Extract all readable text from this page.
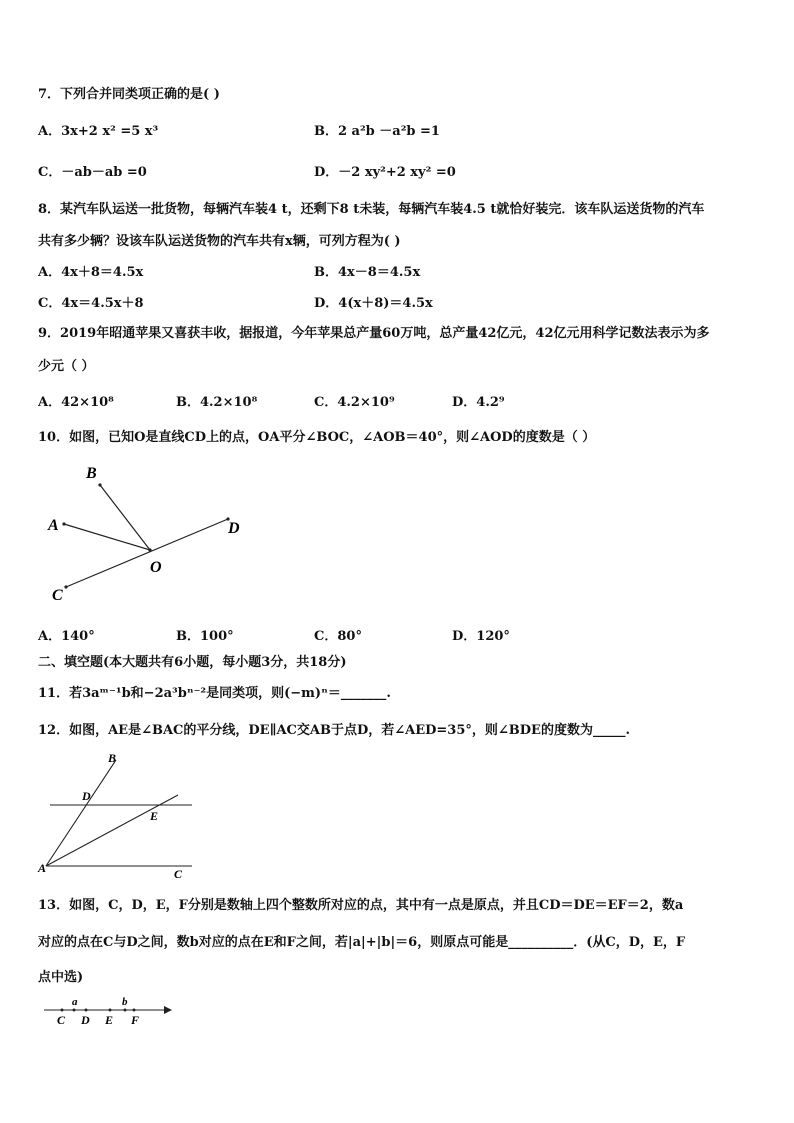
7．下列合并同类项正确的是( )
A．3x+2 x² =5 x³	B．2 a²b －a²b =1
C．－ab－ab =0	D．－2 xy²+2 xy² =0
8．某汽车队运送一批货物，每辆汽车装4 t，还剩下8 t未装，每辆汽车装4.5 t就恰好装完．该车队运送货物的汽车
共有多少辆？设该车队运送货物的汽车共有x辆，可列方程为( )
A．4x＋8＝4.5x	B．4x－8＝4.5x
C．4x＝4.5x＋8	D．4(x＋8)＝4.5x
9．2019年昭通苹果又喜获丰收，据报道，今年苹果总产量60万吨，总产量42亿元，42亿元用科学记数法表示为多
少元（ ）
A．42×10⁸	B．4.2×10⁸	C．4.2×10⁹	D．4.2⁹
10．如图，已知O是直线CD上的点，OA平分∠BOC，∠AOB＝40°，则∠AOD的度数是（ ）
B
A	D
O
C
A．140°	B．100°	C．80°	D．120°
二、填空题(本大题共有6小题，每小题3分，共18分)
11．若3aᵐ⁻¹b和−2a³bⁿ⁻²是同类项，则(−m)ⁿ＝_______.
12．如图，AE是∠BAC的平分线，DE∥AC交AB于点D，若∠AED=35°，则∠BDE的度数为_____.
B
D
E
A	C
13．如图，C，D，E，F分别是数轴上四个整数所对应的点，其中有一点是原点，并且CD＝DE＝EF＝2，数a
对应的点在C与D之间，数b对应的点在E和F之间，若|a|+|b|＝6，则原点可能是__________．(从C，D，E，F
点中选)
a	b
C D E F
